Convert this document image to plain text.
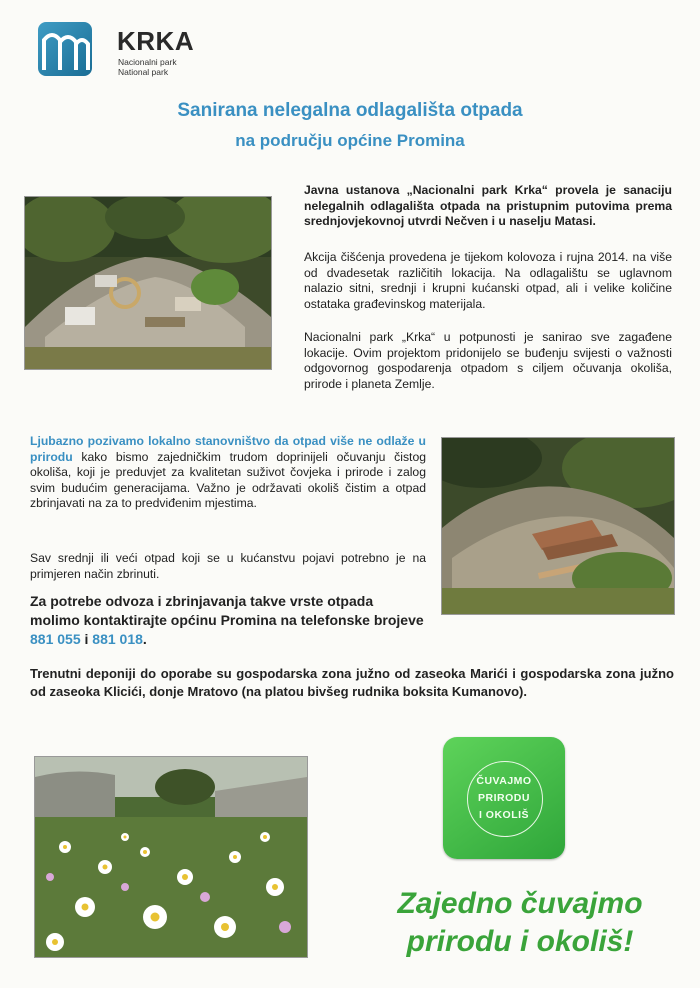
KRKA
Nacionalni park
National park
Sanirana nelegalna odlagališta otpada
na području općine Promina
Javna ustanova „Nacionalni park Krka“ provela je sanaciju nelegalnih odlagališta otpada na pristupnim putovima prema srednjovjekovnoj utvrdi Nečven i u naselju Matasi.
Akcija čišćenja provedena je tijekom kolovoza i rujna 2014. na više od dvadesetak različitih lokacija. Na odlagalištu se uglavnom nalazio sitni, srednji i krupni kućanski otpad, ali i velike količine ostataka građevinskog materijala.
Nacionalni park „Krka“ u potpunosti je sanirao sve zagađene lokacije. Ovim projektom pridonijelo se buđenju svijesti o važnosti odgovornog gospodarenja otpadom s ciljem očuvanja okoliša, prirode i planeta Zemlje.
Ljubazno pozivamo lokalno stanovništvo da otpad više ne odlaže u prirodu kako bismo zajedničkim trudom doprinijeli očuvanju čistog okoliša, koji je preduvjet za kvalitetan suživot čovjeka i prirode i zalog svim budućim generacijama. Važno je održavati okoliš čistim a otpad zbrinjavati na za to predviđenim mjestima.
Sav srednji ili veći otpad koji se u kućanstvu pojavi potrebno je na primjeren način zbrinuti.
Za potrebe odvoza i zbrinjavanja takve vrste otpada molimo kontaktirajte općinu Promina na telefonske brojeve 881 055 i 881 018.
Trenutni deponiji do oporabe su gospodarska zona južno od zaseoka Marići i gospodarska zona južno od zaseoka Klicići, donje Mratovo (na platou bivšeg rudnika boksita Kumanovo).
ČUVAJMO
PRIRODU
I OKOLIŠ
Zajedno čuvajmo
prirodu i okoliš!
